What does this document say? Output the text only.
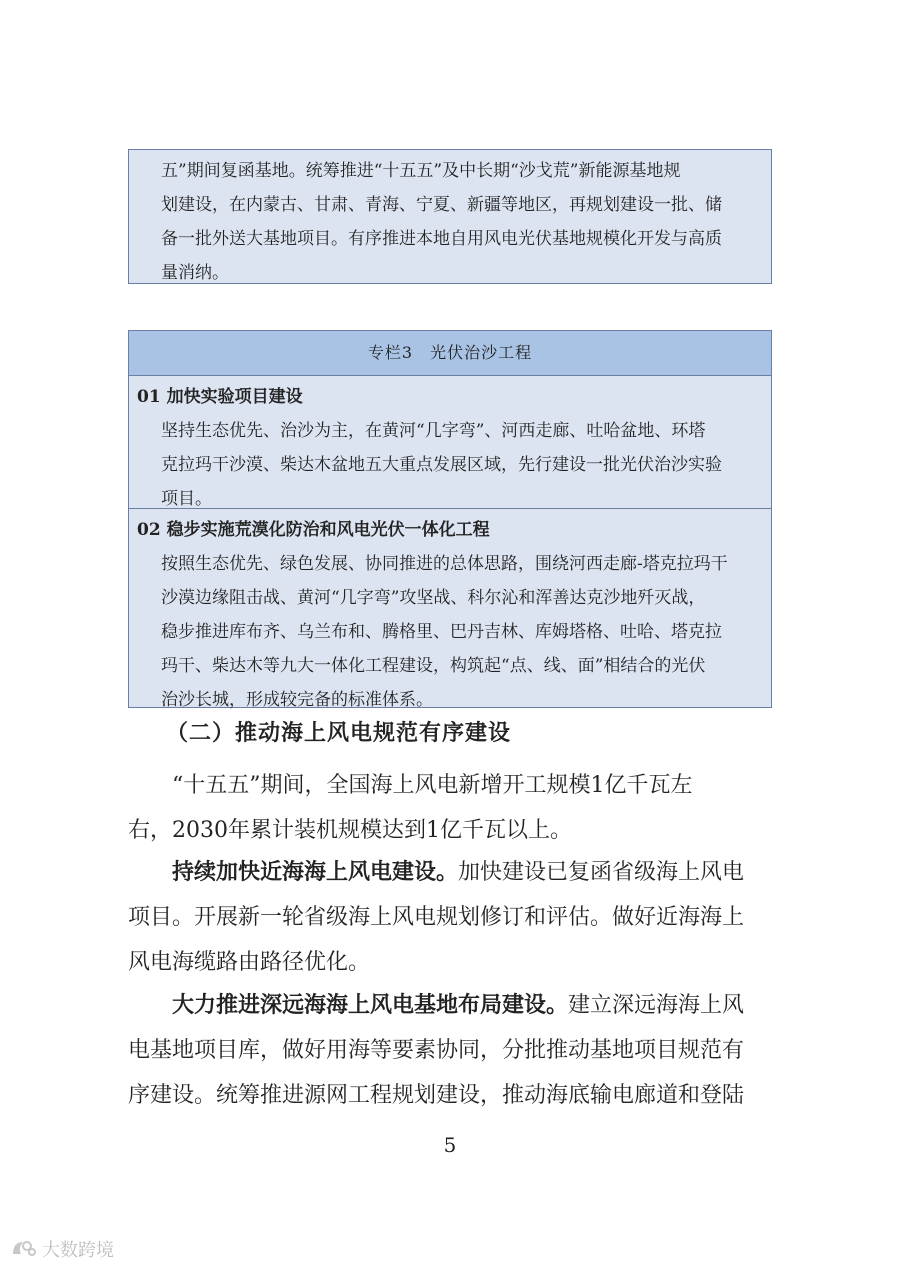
五”期间复函基地。统筹推进“十五五”及中长期“沙戈荒”新能源基地规

划建设，在内蒙古、甘肃、青海、宁夏、新疆等地区，再规划建设一批、储

备一批外送大基地项目。有序推进本地自用风电光伏基地规模化开发与高质

量消纳。

专栏3　光伏治沙工程

01 加快实验项目建设

坚持生态优先、治沙为主，在黄河“几字弯”、河西走廊、吐哈盆地、环塔

克拉玛干沙漠、柴达木盆地五大重点发展区域，先行建设一批光伏治沙实验

项目。

02 稳步实施荒漠化防治和风电光伏一体化工程

按照生态优先、绿色发展、协同推进的总体思路，围绕河西走廊-塔克拉玛干

沙漠边缘阻击战、黄河“几字弯”攻坚战、科尔沁和浑善达克沙地歼灭战，

稳步推进库布齐、乌兰布和、腾格里、巴丹吉林、库姆塔格、吐哈、塔克拉

玛干、柴达木等九大一体化工程建设，构筑起“点、线、面”相结合的光伏

治沙长城，形成较完备的标准体系。

（二）推动海上风电规范有序建设

“十五五”期间，全国海上风电新增开工规模1亿千瓦左
右，2030年累计装机规模达到1亿千瓦以上。
持续加快近海海上风电建设。加快建设已复函省级海上风电
项目。开展新一轮省级海上风电规划修订和评估。做好近海海上
风电海缆路由路径优化。
大力推进深远海海上风电基地布局建设。建立深远海海上风
电基地项目库，做好用海等要素协同，分批推动基地项目规范有
序建设。统筹推进源网工程规划建设，推动海底输电廊道和登陆
5
大数跨境
